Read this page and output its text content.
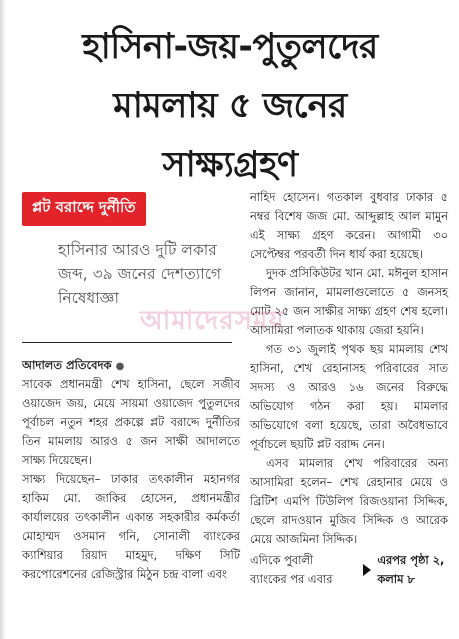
হাসিনা-জয়-পুতুলদের
মামলায় ৫ জনের
সাক্ষ্যগ্রহণ
প্লট বরাদ্দে দুর্নীতি
হাসিনার আরও দুটি লকার জব্দ, ৩৯ জনের দেশত্যাগে নিষেধাজ্ঞা
আদালত প্রতিবেদক ●

সাবেক প্রধানমন্ত্রী শেখ হাসিনা, ছেলে সজীব ওয়াজেদ জয়, মেয়ে সায়মা ওয়াজেদ পুতুলদের পূর্বাচল নতুন শহর প্রকল্পে প্লট বরাদ্দে দুর্নীতির তিন মামলায় আরও ৫ জন সাক্ষী আদালতে সাক্ষ্য দিয়েছেন।

সাক্ষ্য দিয়েছেন– ঢাকার তৎকালীন মহানগর হাকিম মো. জাকির হোসেন, প্রধানমন্ত্রীর কার্যালয়ের তৎকালীন একান্ত সহকারীর কর্মকর্তা মোহাম্মদ ওসমান গনি, সোনালী ব্যাংকের ক্যাশিয়ার রিয়াদ মাহমুদ, দক্ষিণ সিটি করপোরেশনের রেজিস্ট্রার মিঠুন চন্দ্র বালা এবং

নাহিদ হোসেন। গতকাল বুধবার ঢাকার ৫ নম্বর বিশেষ জজ মো. আব্দুল্লাহ আল মামুন এই সাক্ষ্য গ্রহণ করেন। আগামী ৩০ সেপ্টেম্বর পরবর্তী দিন ধার্য করা হয়েছে।

দুদক প্রসিকিউটর খান মো. মঈনুল হাসান লিপন জানান, মামলাগুলোতে ৫ জনসহ মোট ২৫ জন সাক্ষীর সাক্ষ্য গ্রহণ শেষ হলো। আসামিরা পলাতক থাকায় জেরা হয়নি।

গত ৩১ জুলাই পৃথক ছয় মামলায় শেখ হাসিনা, শেখ রেহানাসহ পরিবারের সাত সদস্য ও আরও ১৬ জনের বিরুদ্ধে অভিযোগ গঠন করা হয়। মামলার অভিযোগে বলা হয়েছে, তারা অবৈধভাবে পূর্বাচলে ছয়টি প্লট বরাদ্দ নেন।

এসব মামলার শেখ পরিবারের অন্য আসামিরা হলেন– শেখ রেহানার মেয়ে ও ব্রিটিশ এমপি টিউলিপ রিজওয়ানা সিদ্দিক, ছেলে রাদওয়ান মুজিব সিদ্দিক ও আরেক মেয়ে আজমিনা সিদ্দিক।

এদিকে পুবালী ব্যাংকের পর এবার
এরপর পৃষ্ঠা ২, কলাম ৮
আমাদেরসময়
